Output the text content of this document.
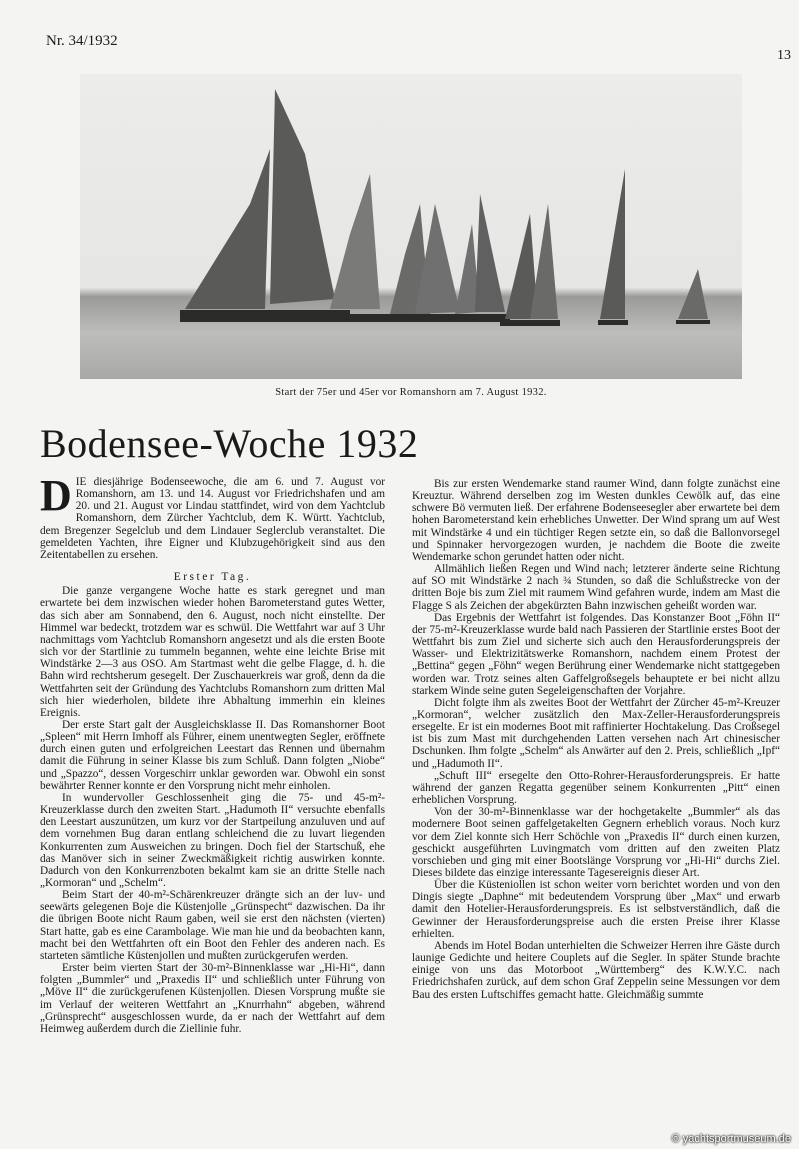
Nr. 34/1932
13
Start der 75er und 45er vor Romanshorn am 7. August 1932.
Bodensee-Woche 1932

DIE diesjährige Bodenseewoche, die am 6. und 7. August vor Romanshorn, am 13. und 14. August vor Friedrichshafen und am 20. und 21. August vor Lindau stattfindet, wird von dem Yachtclub Romanshorn, dem Zürcher Yachtclub, dem K. Württ. Yachtclub, dem Bregenzer Segelclub und dem Lindauer Seglerclub veranstaltet. Die gemeldeten Yachten, ihre Eigner und Klubzugehörigkeit sind aus den Zeitentabellen zu ersehen.

Erster Tag.

Die ganze vergangene Woche hatte es stark geregnet und man erwartete bei dem inzwischen wieder hohen Barometerstand gutes Wetter, das sich aber am Sonnabend, den 6. August, noch nicht einstellte. Der Himmel war bedeckt, trotzdem war es schwül. Die Wettfahrt war auf 3 Uhr nachmittags vom Yachtclub Romanshorn angesetzt und als die ersten Boote sich vor der Startlinie zu tummeln begannen, wehte eine leichte Brise mit Windstärke 2—3 aus OSO. Am Startmast weht die gelbe Flagge, d. h. die Bahn wird rechtsherum gesegelt. Der Zuschauerkreis war groß, denn da die Wettfahrten seit der Gründung des Yachtclubs Romanshorn zum dritten Mal sich hier wiederholen, bildete ihre Abhaltung immerhin ein kleines Ereignis.

Der erste Start galt der Ausgleichsklasse II. Das Romanshorner Boot „Spleen“ mit Herrn Imhoff als Führer, einem unentwegten Segler, eröffnete durch einen guten und erfolgreichen Leestart das Rennen und übernahm damit die Führung in seiner Klasse bis zum Schluß. Dann folgten „Niobe“ und „Spazzo“, dessen Vorgeschirr unklar geworden war. Obwohl ein sonst bewährter Renner konnte er den Vorsprung nicht mehr einholen.

In wundervoller Geschlossenheit ging die 75- und 45-m²-Kreuzerklasse durch den zweiten Start. „Hadumoth II“ versuchte ebenfalls den Leestart auszunützen, um kurz vor der Startpeilung anzuluven und auf dem vornehmen Bug daran entlang schleichend die zu luvart liegenden Konkurrenten zum Ausweichen zu bringen. Doch fiel der Startschuß, ehe das Manöver sich in seiner Zweckmäßigkeit richtig auswirken konnte. Dadurch von den Konkurrenzboten bekalmt kam sie an dritte Stelle nach „Kormoran“ und „Schelm“.

Beim Start der 40-m²-Schärenkreuzer drängte sich an der luv- und seewärts gelegenen Boje die Küstenjolle „Grünspecht“ dazwischen. Da ihr die übrigen Boote nicht Raum gaben, weil sie erst den nächsten (vierten) Start hatte, gab es eine Carambolage. Wie man hie und da beobachten kann, macht bei den Wettfahrten oft ein Boot den Fehler des anderen nach. Es starteten sämtliche Küstenjollen und mußten zurückgerufen werden.

Erster beim vierten Start der 30-m²-Binnenklasse war „Hi-Hi“, dann folgten „Bummler“ und „Praxedis II“ und schließlich unter Führung von „Möve II“ die zurückgerufenen Küstenjollen. Diesen Vorsprung mußte sie im Verlauf der weiteren Wettfahrt an „Knurrhahn“ abgeben, während „Grünsprecht“ ausgeschlossen wurde, da er nach der Wettfahrt auf dem Heimweg außerdem durch die Ziellinie fuhr.

Bis zur ersten Wendemarke stand raumer Wind, dann folgte zunächst eine Kreuztur. Während derselben zog im Westen dunkles Cewölk auf, das eine schwere Bö vermuten ließ. Der erfahrene Bodenseesegler aber erwartete bei dem hohen Barometerstand kein erhebliches Unwetter. Der Wind sprang um auf West mit Windstärke 4 und ein tüchtiger Regen setzte ein, so daß die Ballonvorsegel und Spinnaker hervorgezogen wurden, je nachdem die Boote die zweite Wendemarke schon gerundet hatten oder nicht.

Allmählich ließen Regen und Wind nach; letzterer änderte seine Richtung auf SO mit Windstärke 2 nach ¾ Stunden, so daß die Schlußstrecke von der dritten Boje bis zum Ziel mit raumem Wind gefahren wurde, indem am Mast die Flagge S als Zeichen der abgekürzten Bahn inzwischen geheißt worden war.

Das Ergebnis der Wettfahrt ist folgendes. Das Konstanzer Boot „Föhn II“ der 75-m²-Kreuzerklasse wurde bald nach Passieren der Startlinie erstes Boot der Wettfahrt bis zum Ziel und sicherte sich auch den Herausforderungspreis der Wasser- und Elektrizitätswerke Romanshorn, nachdem einem Protest der „Bettina“ gegen „Föhn“ wegen Berührung einer Wendemarke nicht stattgegeben worden war. Trotz seines alten Gaffelgroßsegels behauptete er bei nicht allzu starkem Winde seine guten Segeleigenschaften der Vorjahre.

Dicht folgte ihm als zweites Boot der Wettfahrt der Zürcher 45-m²-Kreuzer „Kormoran“, welcher zusätzlich den Max-Zeller-Herausforderungspreis ersegelte. Er ist ein modernes Boot mit raffinierter Hochtakelung. Das Croßsegel ist bis zum Mast mit durchgehenden Latten versehen nach Art chinesischer Dschunken. Ihm folgte „Schelm“ als Anwärter auf den 2. Preis, schließlich „Ipf“ und „Hadumoth II“.

„Schuft III“ ersegelte den Otto-Rohrer-Herausforderungspreis. Er hatte während der ganzen Regatta gegenüber seinem Konkurrenten „Pitt“ einen erheblichen Vorsprung.

Von der 30-m²-Binnenklasse war der hochgetakelte „Bummler“ als das modernere Boot seinen gaffelgetakelten Gegnern erheblich voraus. Noch kurz vor dem Ziel konnte sich Herr Schöchle von „Praxedis II“ durch einen kurzen, geschickt ausgeführten Luvingmatch vom dritten auf den zweiten Platz vorschieben und ging mit einer Bootslänge Vorsprung vor „Hi-Hi“ durchs Ziel. Dieses bildete das einzige interessante Tagesereignis dieser Art.

Über die Küsteniollen ist schon weiter vorn berichtet worden und von den Dingis siegte „Daphne“ mit bedeutendem Vorsprung über „Max“ und erwarb damit den Hotelier-Herausforderungspreis. Es ist selbstverständlich, daß die Gewinner der Herausforderungspreise auch die ersten Preise ihrer Klasse erhielten.

Abends im Hotel Bodan unterhielten die Schweizer Herren ihre Gäste durch launige Gedichte und heitere Couplets auf die Segler. In später Stunde brachte einige von uns das Motorboot „Württemberg“ des K.W.Y.C. nach Friedrichshafen zurück, auf dem schon Graf Zeppelin seine Messungen vor dem Bau des ersten Luftschiffes gemacht hatte. Gleichmäßig summte

© yachtsportmuseum.de
